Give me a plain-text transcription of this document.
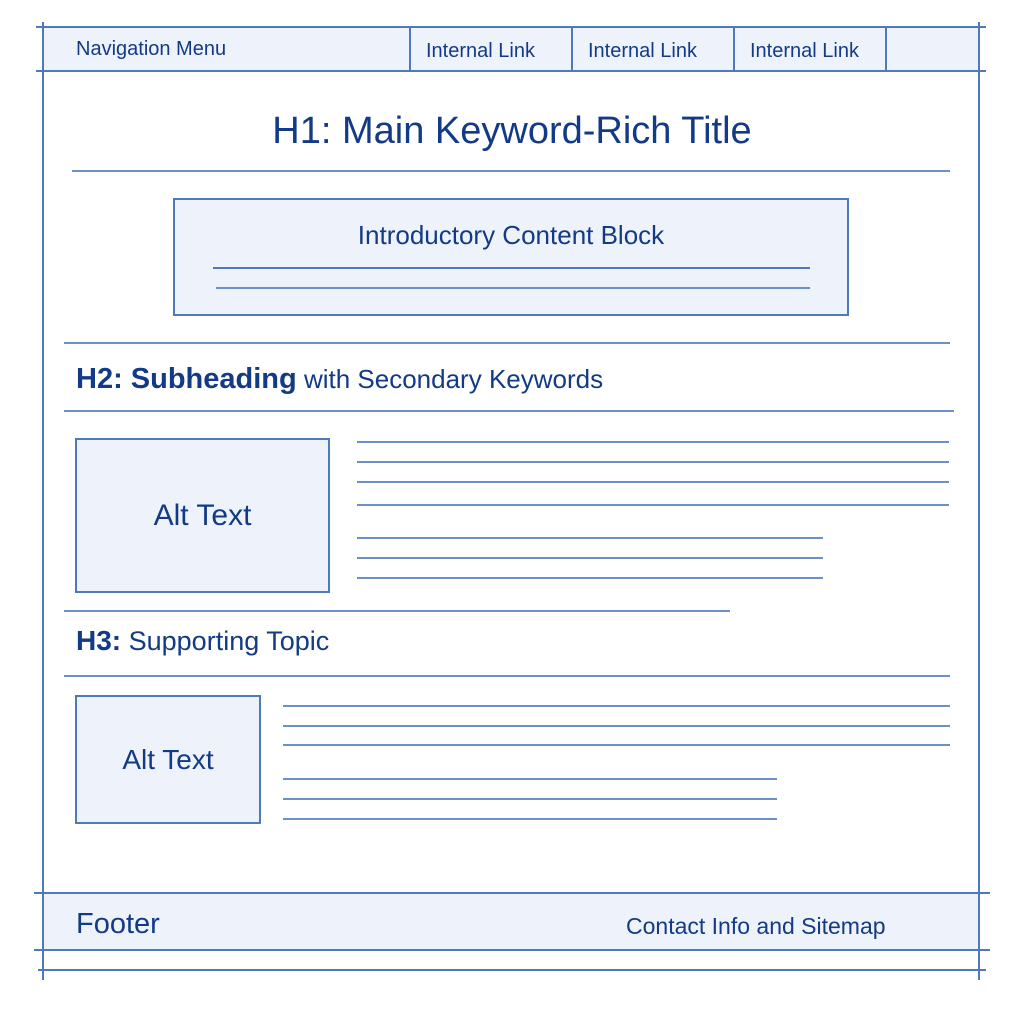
Navigation Menu	Internal Link	Internal Link	Internal Link
H1: Main Keyword-Rich Title
Introductory Content Block
H2: Subheading with Secondary Keywords
Alt Text
H3: Supporting Topic
Alt Text
Footer	Contact Info and Sitemap
